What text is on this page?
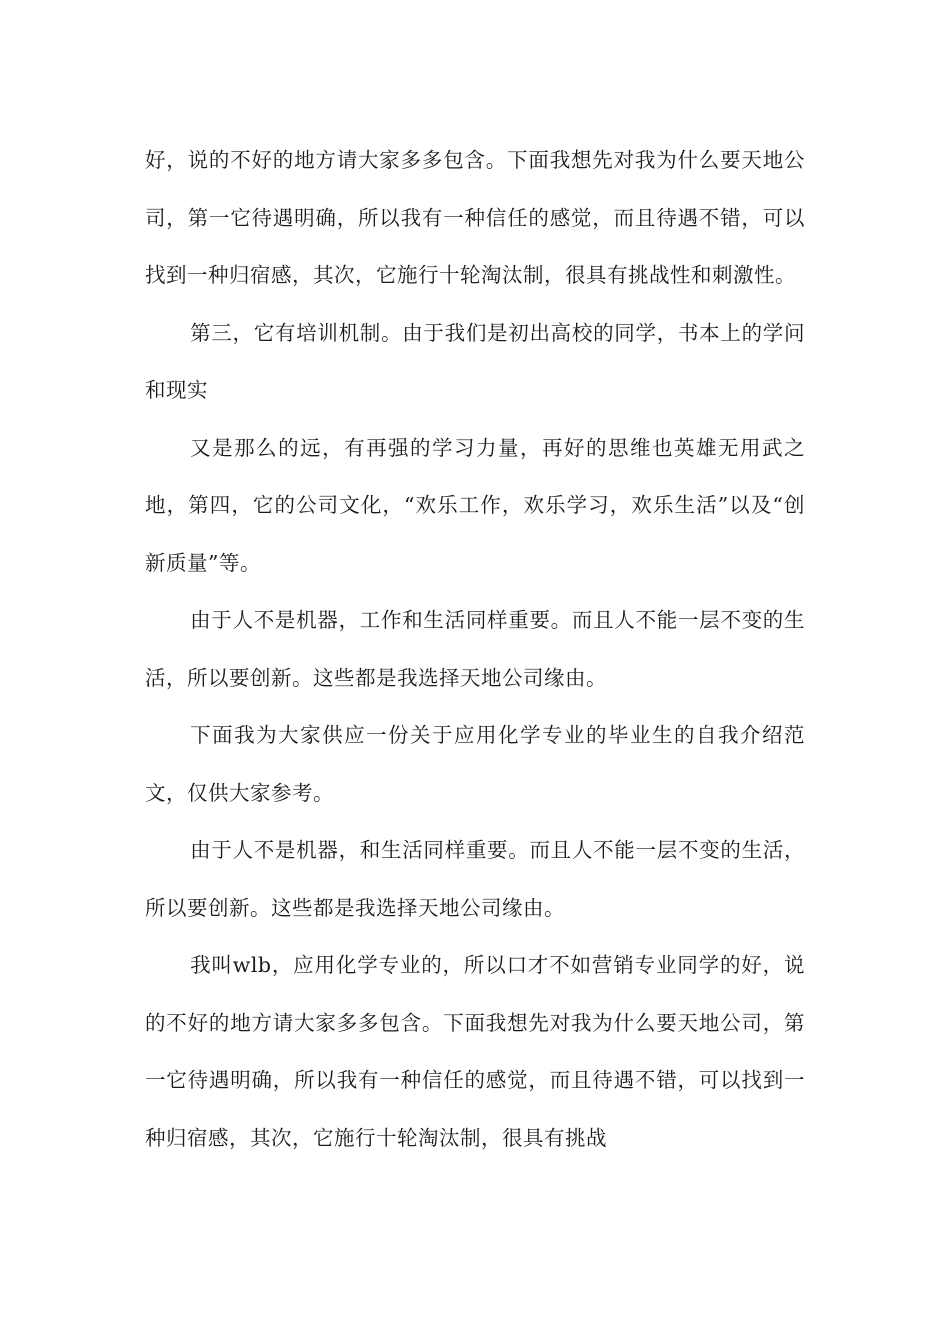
好，说的不好的地方请大家多多包含。下面我想先对我为什么要天地公司，第一它待遇明确，所以我有一种信任的感觉，而且待遇不错，可以找到一种归宿感，其次，它施行十轮淘汰制，很具有挑战性和刺激性。

第三，它有培训机制。由于我们是初出高校的同学，书本上的学问和现实

又是那么的远，有再强的学习力量，再好的思维也英雄无用武之地，第四，它的公司文化，“欢乐工作，欢乐学习，欢乐生活”以及“创新质量”等。

由于人不是机器，工作和生活同样重要。而且人不能一层不变的生活，所以要创新。这些都是我选择天地公司缘由。

下面我为大家供应一份关于应用化学专业的毕业生的自我介绍范文，仅供大家参考。

由于人不是机器，和生活同样重要。而且人不能一层不变的生活，所以要创新。这些都是我选择天地公司缘由。

我叫wlb，应用化学专业的，所以口才不如营销专业同学的好，说的不好的地方请大家多多包含。下面我想先对我为什么要天地公司，第一它待遇明确，所以我有一种信任的感觉，而且待遇不错，可以找到一种归宿感，其次，它施行十轮淘汰制，很具有挑战
